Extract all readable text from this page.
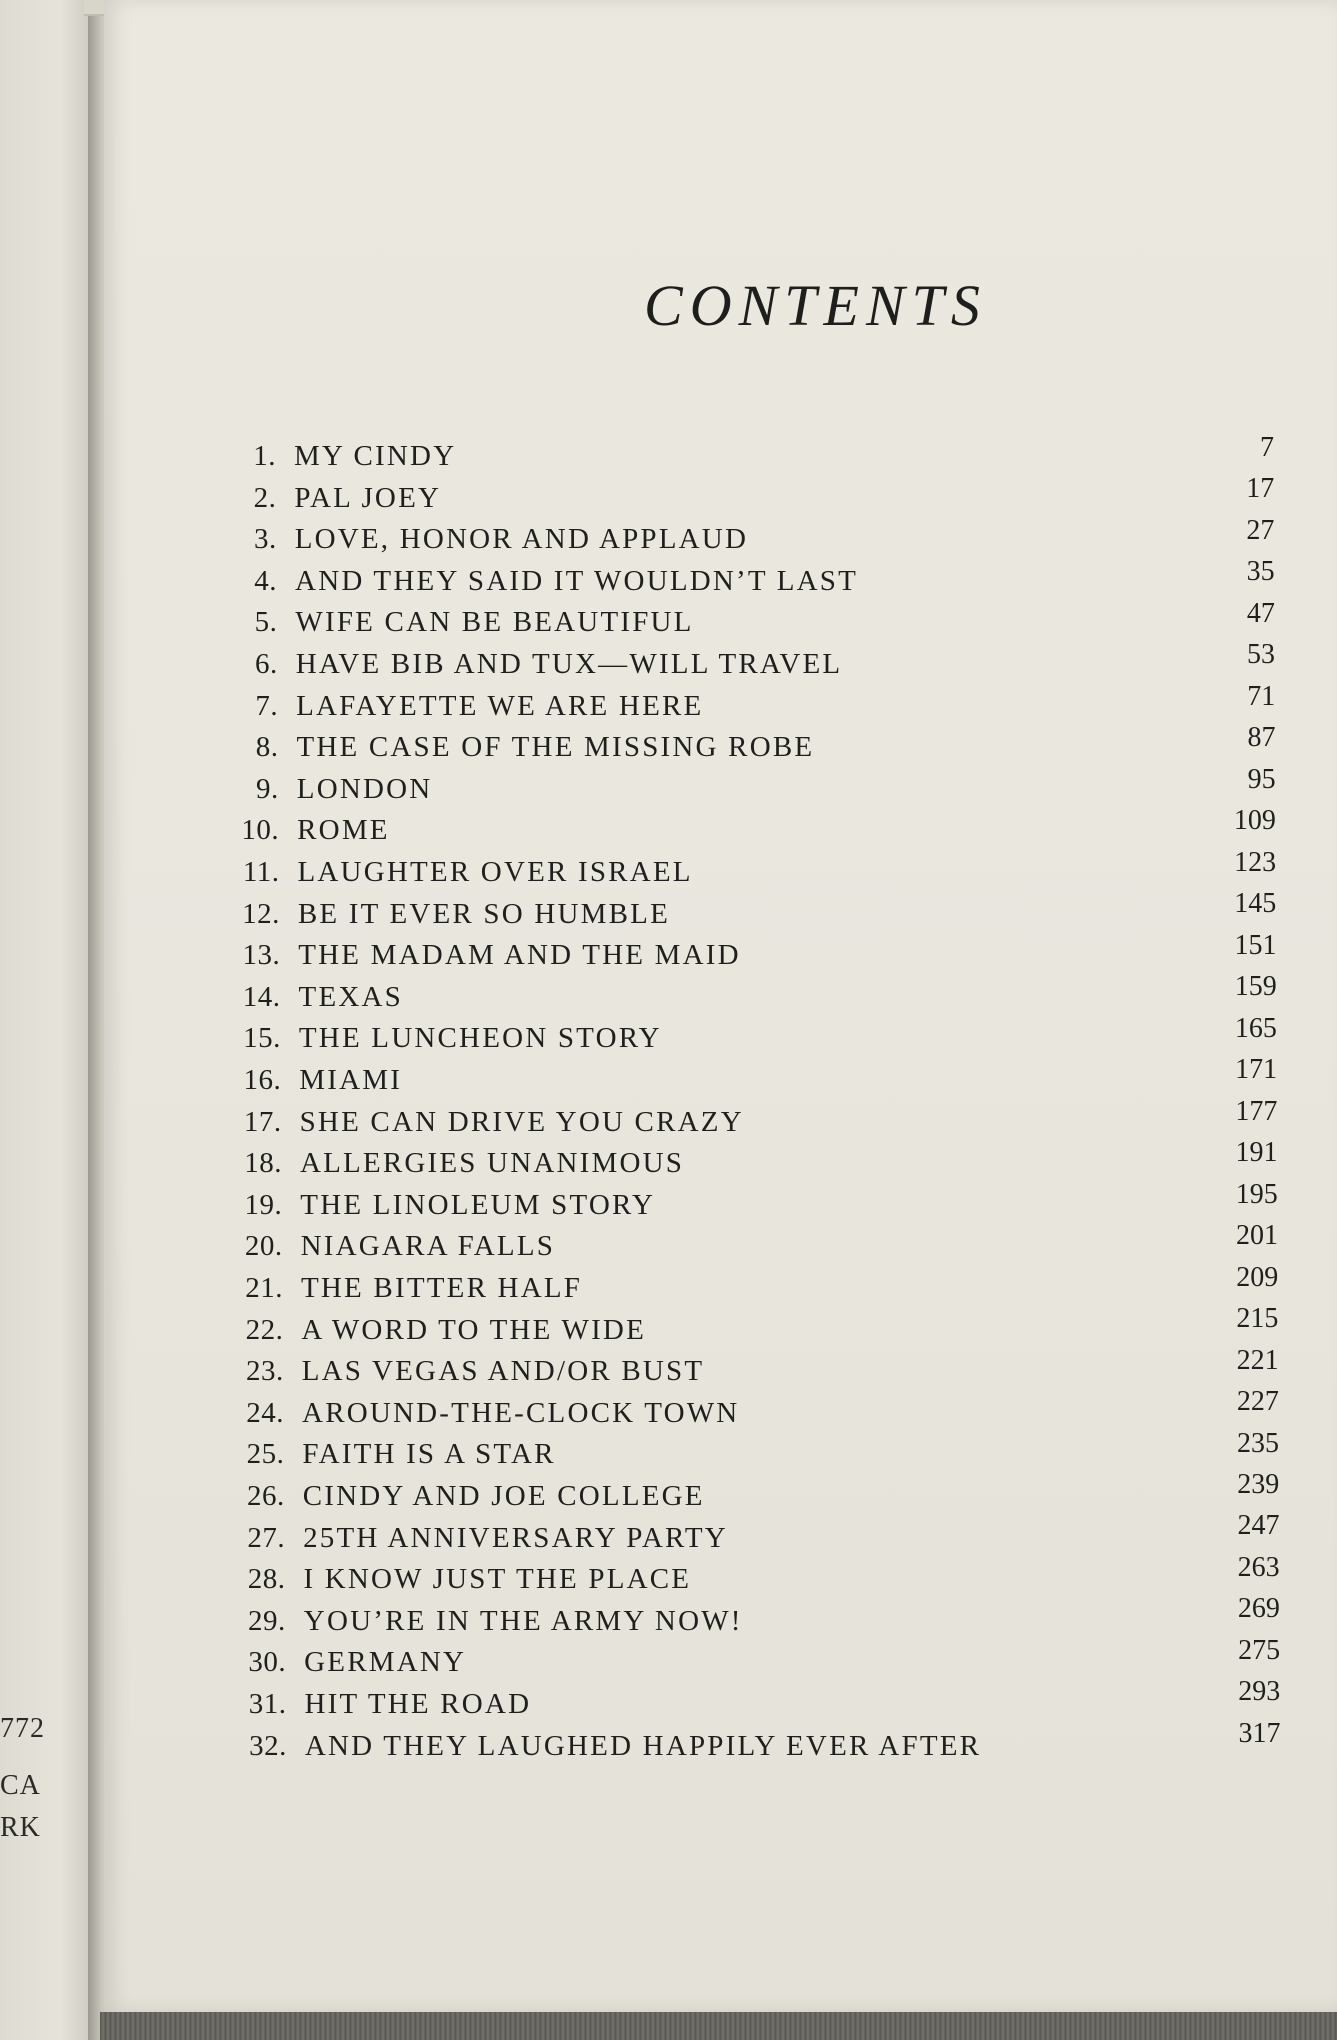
772
CA
RK
CONTENTS
1. MY CINDY	7
2. PAL JOEY	17
3. LOVE, HONOR AND APPLAUD	27
4. AND THEY SAID IT WOULDN’T LAST	35
5. WIFE CAN BE BEAUTIFUL	47
6. HAVE BIB AND TUX—WILL TRAVEL	53
7. LAFAYETTE WE ARE HERE	71
8. THE CASE OF THE MISSING ROBE	87
9. LONDON	95
10. ROME	109
11. LAUGHTER OVER ISRAEL	123
12. BE IT EVER SO HUMBLE	145
13. THE MADAM AND THE MAID	151
14. TEXAS	159
15. THE LUNCHEON STORY	165
16. MIAMI	171
17. SHE CAN DRIVE YOU CRAZY	177
18. ALLERGIES UNANIMOUS	191
19. THE LINOLEUM STORY	195
20. NIAGARA FALLS	201
21. THE BITTER HALF	209
22. A WORD TO THE WIDE	215
23. LAS VEGAS AND/OR BUST	221
24. AROUND-THE-CLOCK TOWN	227
25. FAITH IS A STAR	235
26. CINDY AND JOE COLLEGE	239
27. 25TH ANNIVERSARY PARTY	247
28. I KNOW JUST THE PLACE	263
29. YOU’RE IN THE ARMY NOW!	269
30. GERMANY	275
31. HIT THE ROAD	293
32. AND THEY LAUGHED HAPPILY EVER AFTER	317
